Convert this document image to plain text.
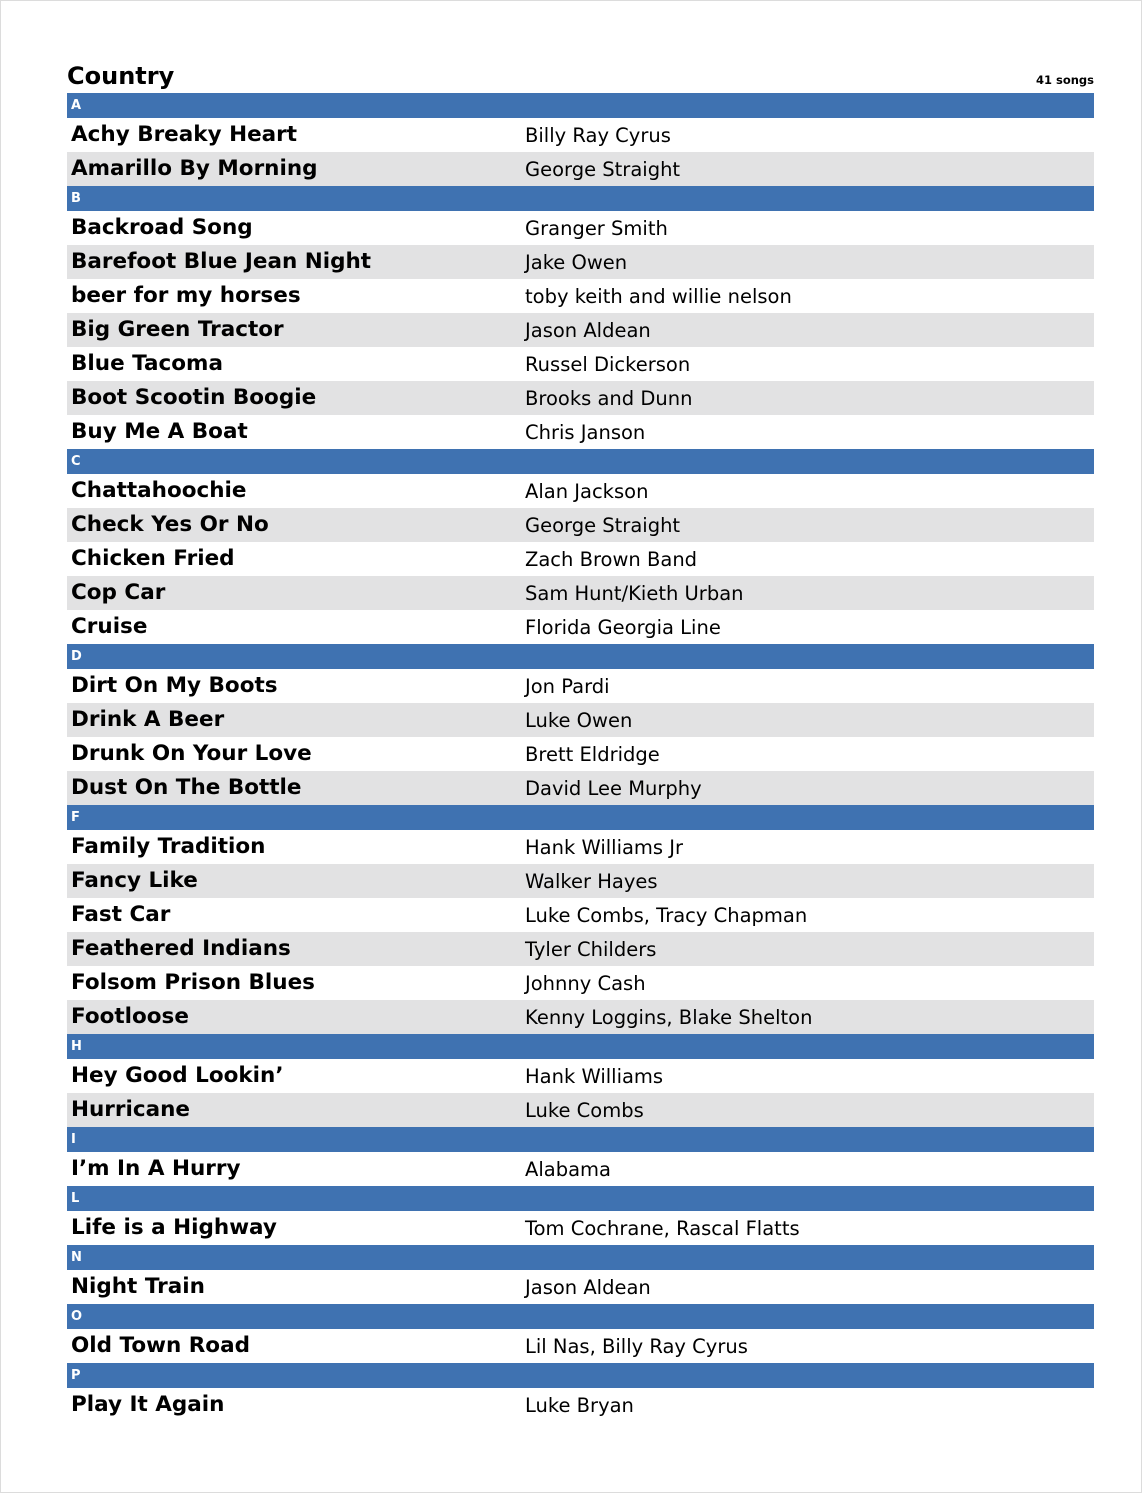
Country	41 songs
A
Achy Breaky Heart	Billy Ray Cyrus
Amarillo By Morning	George Straight
B
Backroad Song	Granger Smith
Barefoot Blue Jean Night	Jake Owen
beer for my horses	toby keith and willie nelson
Big Green Tractor	Jason Aldean
Blue Tacoma	Russel Dickerson
Boot Scootin Boogie	Brooks and Dunn
Buy Me A Boat	Chris Janson
C
Chattahoochie	Alan Jackson
Check Yes Or No	George Straight
Chicken Fried	Zach Brown Band
Cop Car	Sam Hunt/Kieth Urban
Cruise	Florida Georgia Line
D
Dirt On My Boots	Jon Pardi
Drink A Beer	Luke Owen
Drunk On Your Love	Brett Eldridge
Dust On The Bottle	David Lee Murphy
F
Family Tradition	Hank Williams Jr
Fancy Like	Walker Hayes
Fast Car	Luke Combs, Tracy Chapman
Feathered Indians	Tyler Childers
Folsom Prison Blues	Johnny Cash
Footloose	Kenny Loggins, Blake Shelton
H
Hey Good Lookin’	Hank Williams
Hurricane	Luke Combs
I
I’m In A Hurry	Alabama
L
Life is a Highway	Tom Cochrane, Rascal Flatts
N
Night Train	Jason Aldean
O
Old Town Road	Lil Nas, Billy Ray Cyrus
P
Play It Again	Luke Bryan
